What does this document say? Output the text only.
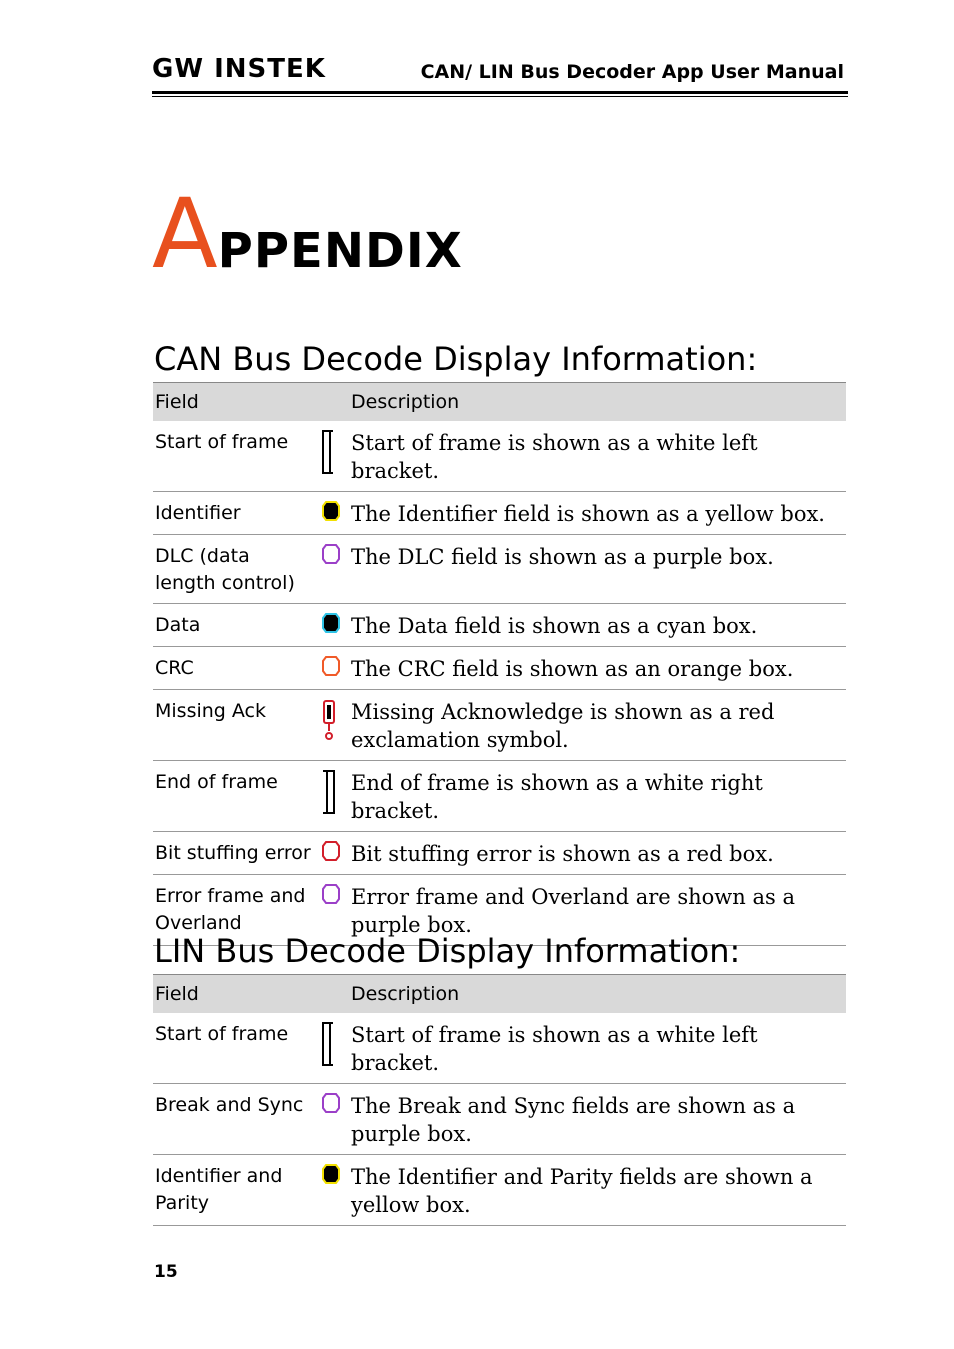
GW INSTEK	CAN/ LIN Bus Decoder App User Manual
APPENDIX
CAN Bus Decode Display Information:
Field	Description	
Start of frame		Start of frame is shown as a white left bracket.
Identifier		The Identifier field is shown as a yellow box.
DLC (data length control)		The DLC field is shown as a purple box.
Data		The Data field is shown as a cyan box.
CRC		The CRC field is shown as an orange box.
Missing Ack		Missing Acknowledge is shown as a red exclamation symbol.
End of frame		End of frame is shown as a white right bracket.
Bit stuffing error		Bit stuffing error is shown as a red box.
Error frame and Overland		Error frame and Overland are shown as a purple box.
LIN Bus Decode Display Information:
Field	Description	
Start of frame		Start of frame is shown as a white left bracket.
Break and Sync		The Break and Sync fields are shown as a purple box.
Identifier and Parity		The Identifier and Parity fields are shown a yellow box.
15
